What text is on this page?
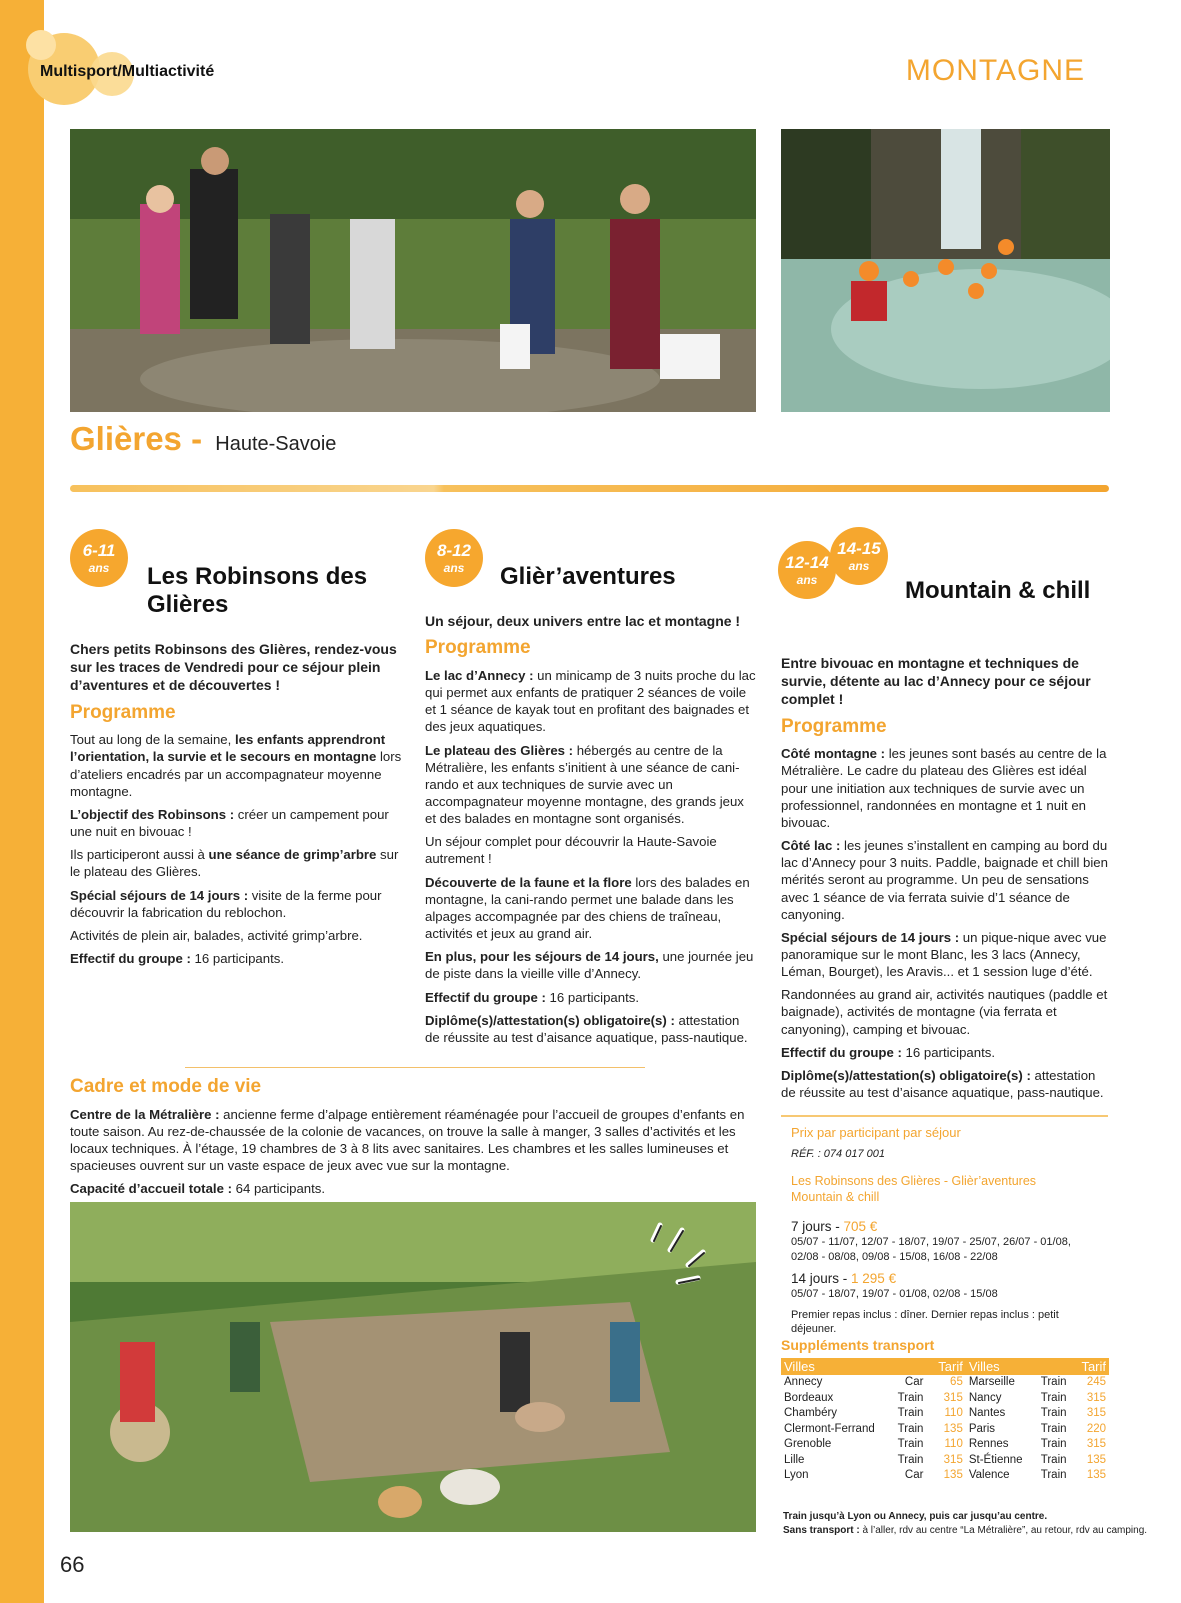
Multisport/Multiactivité	MONTAGNE
Glières - Haute-Savoie
6-11
ans	Les Robinsons des Glières

Chers petits Robinsons des Glières, rendez-vous sur les traces de Vendredi pour ce séjour plein d’aventures et de découvertes !

Programme

Tout au long de la semaine, les enfants apprendront l’orientation, la survie et le secours en montagne lors d’ateliers encadrés par un accompagnateur moyenne montagne.

L’objectif des Robinsons : créer un campement pour une nuit en bivouac !

Ils participeront aussi à une séance de grimp’arbre sur le plateau des Glières.

Spécial séjours de 14 jours : visite de la ferme pour découvrir la fabrication du reblochon.

Activités de plein air, balades, activité grimp’arbre.

Effectif du groupe : 16 participants.

8-12
ans	Glièr’aventures

Un séjour, deux univers entre lac et montagne !

Programme

Le lac d’Annecy : un minicamp de 3 nuits proche du lac qui permet aux enfants de pratiquer 2 séances de voile et 1 séance de kayak tout en profitant des baignades et des jeux aquatiques.

Le plateau des Glières : hébergés au centre de la Métralière, les enfants s’initient à une séance de cani-rando et aux techniques de survie avec un accompagnateur moyenne montagne, des grands jeux et des balades en montagne sont organisés.

Un séjour complet pour découvrir la Haute-Savoie autrement !

Découverte de la faune et la flore lors des balades en montagne, la cani-rando permet une balade dans les alpages accompagnée par des chiens de traîneau, activités et jeux au grand air.

En plus, pour les séjours de 14 jours, une journée jeu de piste dans la vieille ville d’Annecy.

Effectif du groupe : 16 participants.

Diplôme(s)/attestation(s) obligatoire(s) : attestation de réussite au test d’aisance aquatique, pass-nautique.

12-14
ans
14-15
ans
Mountain & chill

Entre bivouac en montagne et techniques de survie, détente au lac d’Annecy pour ce séjour complet !

Programme

Côté montagne : les jeunes sont basés au centre de la Métralière. Le cadre du plateau des Glières est idéal pour une initiation aux techniques de survie avec un professionnel, randonnées en montagne et 1 nuit en bivouac.

Côté lac : les jeunes s’installent en camping au bord du lac d’Annecy pour 3 nuits. Paddle, baignade et chill bien mérités seront au programme. Un peu de sensations avec 1 séance de via ferrata suivie d’1 séance de canyoning.

Spécial séjours de 14 jours : un pique-nique avec vue panoramique sur le mont Blanc, les 3 lacs (Annecy, Léman, Bourget), les Aravis... et 1 session luge d’été.

Randonnées au grand air, activités nautiques (paddle et baignade), activités de montagne (via ferrata et canyoning), camping et bivouac.

Effectif du groupe : 16 participants.

Diplôme(s)/attestation(s) obligatoire(s) : attestation de réussite au test d’aisance aquatique, pass-nautique.

Cadre et mode de vie

Centre de la Métralière : ancienne ferme d’alpage entièrement réaménagée pour l’accueil de groupes d’enfants en toute saison. Au rez-de-chaussée de la colonie de vacances, on trouve la salle à manger, 3 salles d’activités et les locaux techniques. À l’étage, 19 chambres de 3 à 8 lits avec sanitaires. Les chambres et les salles lumineuses et spacieuses ouvrent sur un vaste espace de jeux avec vue sur la montagne.

Capacité d’accueil totale : 64 participants.

Prix par participant par séjour
RÉF. : 074 017 001
Les Robinsons des Glières - Glièr’aventures
Mountain & chill
7 jours - 705 €
05/07 - 11/07, 12/07 - 18/07, 19/07 - 25/07, 26/07 - 01/08, 02/08 - 08/08, 09/08 - 15/08, 16/08 - 22/08
14 jours - 1 295 €
05/07 - 18/07, 19/07 - 01/08, 02/08 - 15/08
Premier repas inclus : dîner. Dernier repas inclus : petit déjeuner.
Suppléments transport
Villes		Tarif	Villes		Tarif
Annecy	Car	65	Marseille	Train	245
Bordeaux	Train	315	Nancy	Train	315
Chambéry	Train	110	Nantes	Train	315
Clermont-Ferrand	Train	135	Paris	Train	220
Grenoble	Train	110	Rennes	Train	315
Lille	Train	315	St-Étienne	Train	135
Lyon	Car	135	Valence	Train	135
Train jusqu’à Lyon ou Annecy, puis car jusqu’au centre.
Sans transport : à l’aller, rdv au centre “La Métralière”, au retour, rdv au camping.
66
